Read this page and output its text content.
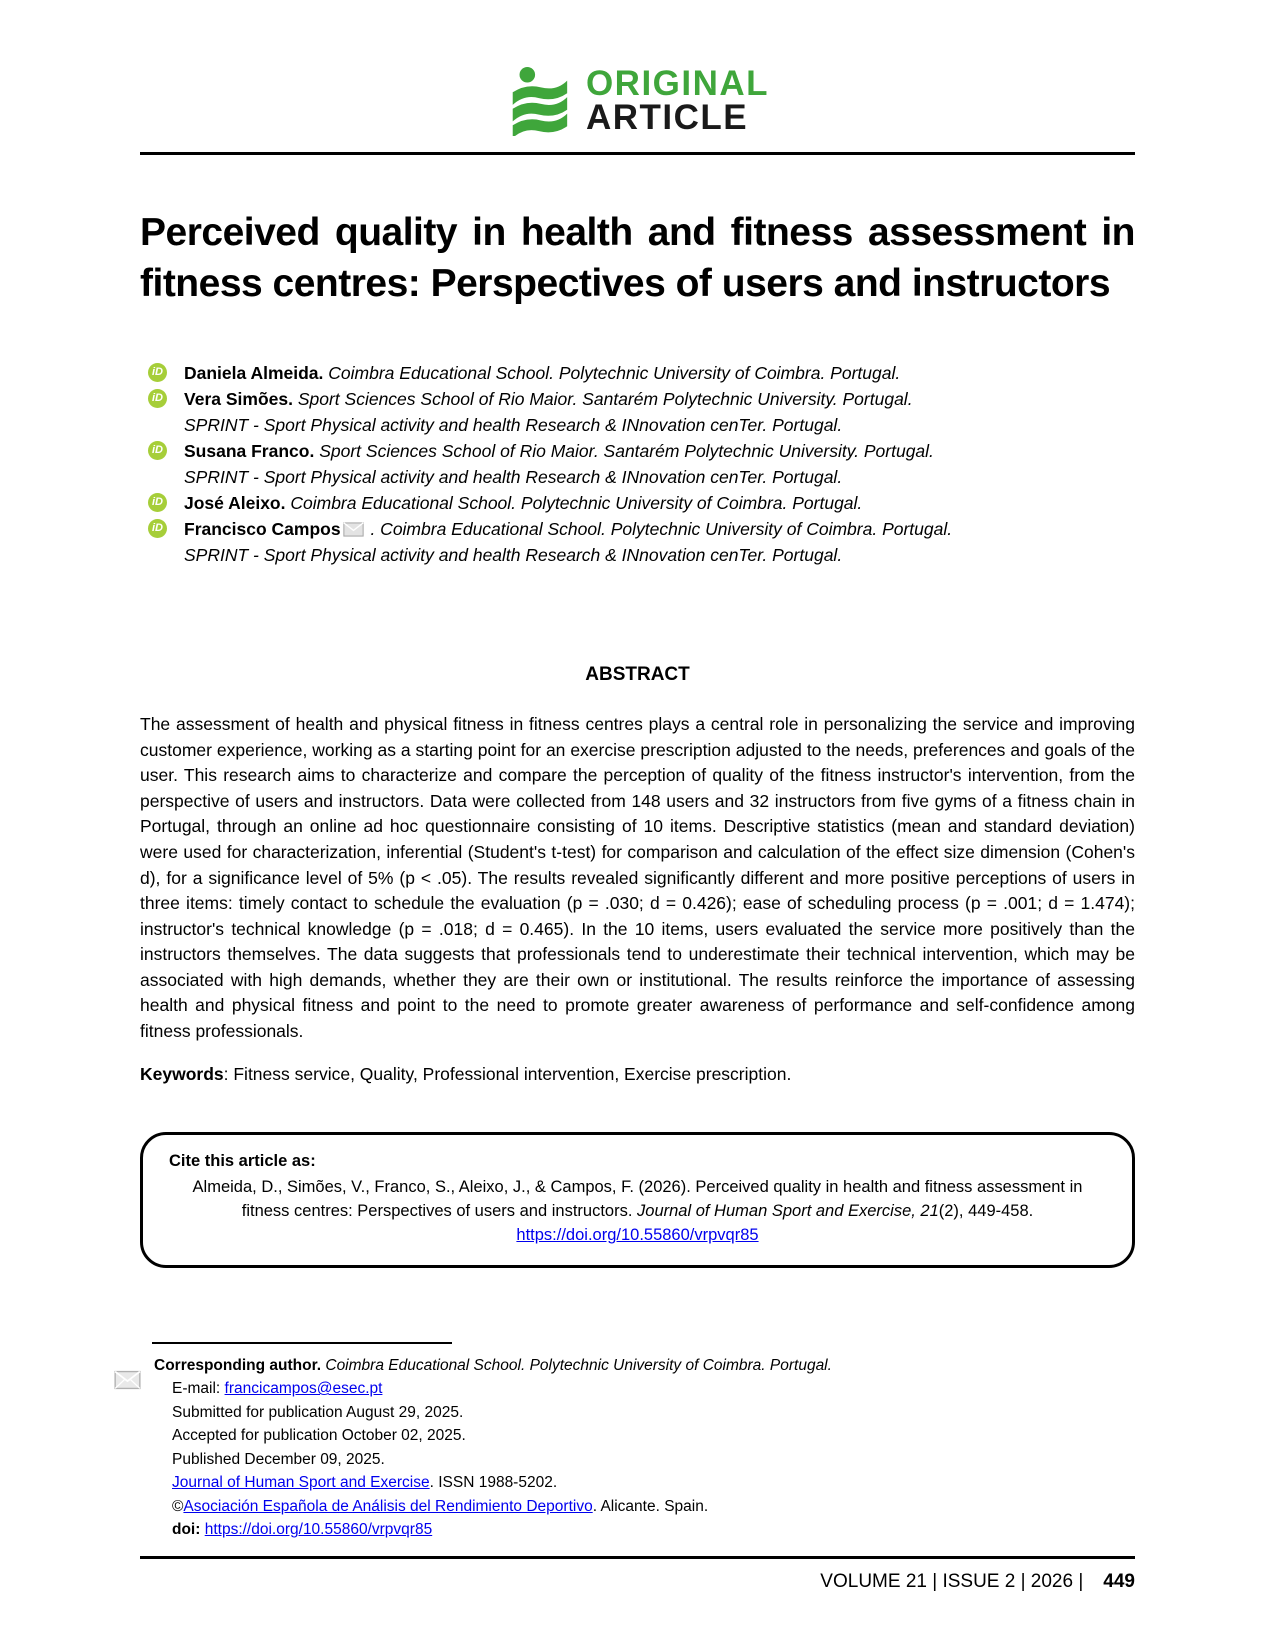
ORIGINAL
ARTICLE
Perceived quality in health and fitness assessment in fitness centres: Perspectives of users and instructors
iD Daniela Almeida. Coimbra Educational School. Polytechnic University of Coimbra. Portugal.
iD Vera Simões. Sport Sciences School of Rio Maior. Santarém Polytechnic University. Portugal.
SPRINT - Sport Physical activity and health Research & INnovation cenTer. Portugal.
iD Susana Franco. Sport Sciences School of Rio Maior. Santarém Polytechnic University. Portugal.
SPRINT - Sport Physical activity and health Research & INnovation cenTer. Portugal.
iD José Aleixo. Coimbra Educational School. Polytechnic University of Coimbra. Portugal.
iD Francisco Campos . Coimbra Educational School. Polytechnic University of Coimbra. Portugal.
SPRINT - Sport Physical activity and health Research & INnovation cenTer. Portugal.
ABSTRACT

The assessment of health and physical fitness in fitness centres plays a central role in personalizing the service and improving customer experience, working as a starting point for an exercise prescription adjusted to the needs, preferences and goals of the user. This research aims to characterize and compare the perception of quality of the fitness instructor's intervention, from the perspective of users and instructors. Data were collected from 148 users and 32 instructors from five gyms of a fitness chain in Portugal, through an online ad hoc questionnaire consisting of 10 items. Descriptive statistics (mean and standard deviation) were used for characterization, inferential (Student's t-test) for comparison and calculation of the effect size dimension (Cohen's d), for a significance level of 5% (p < .05). The results revealed significantly different and more positive perceptions of users in three items: timely contact to schedule the evaluation (p = .030; d = 0.426); ease of scheduling process (p = .001; d = 1.474); instructor's technical knowledge (p = .018; d = 0.465). In the 10 items, users evaluated the service more positively than the instructors themselves. The data suggests that professionals tend to underestimate their technical intervention, which may be associated with high demands, whether they are their own or institutional. The results reinforce the importance of assessing health and physical fitness and point to the need to promote greater awareness of performance and self-confidence among fitness professionals.

Keywords: Fitness service, Quality, Professional intervention, Exercise prescription.
Cite this article as:
Almeida, D., Simões, V., Franco, S., Aleixo, J., & Campos, F. (2026). Perceived quality in health and fitness assessment in fitness centres: Perspectives of users and instructors. Journal of Human Sport and Exercise, 21(2), 449-458. https://doi.org/10.55860/vrpvqr85
Corresponding author. Coimbra Educational School. Polytechnic University of Coimbra. Portugal.
E-mail: francicampos@esec.pt
Submitted for publication August 29, 2025.
Accepted for publication October 02, 2025.
Published December 09, 2025.
Journal of Human Sport and Exercise. ISSN 1988-5202.
©Asociación Española de Análisis del Rendimiento Deportivo. Alicante. Spain.
doi: https://doi.org/10.55860/vrpvqr85
VOLUME 21 | ISSUE 2 | 2026 | 449
